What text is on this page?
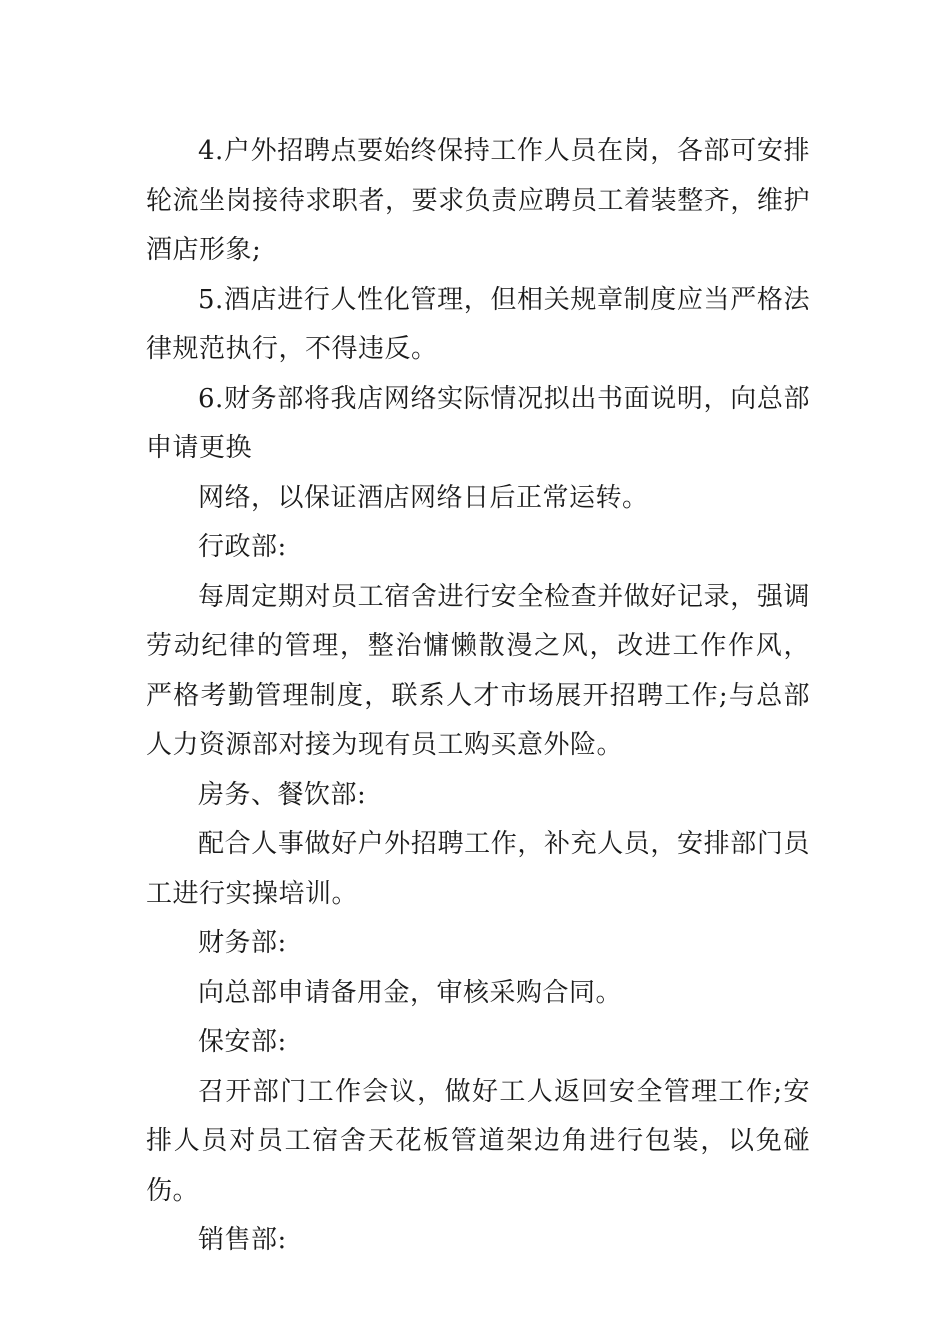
4.户外招聘点要始终保持工作人员在岗，各部可安排轮流坐岗接待求职者，要求负责应聘员工着装整齐，维护酒店形象;

5.酒店进行人性化管理，但相关规章制度应当严格法律规范执行，不得违反。

6.财务部将我店网络实际情况拟出书面说明，向总部申请更换

网络，以保证酒店网络日后正常运转。

行政部:

每周定期对员工宿舍进行安全检查并做好记录，强调劳动纪律的管理，整治慵懒散漫之风，改进工作作风， 严格考勤管理制度，联系人才市场展开招聘工作;与总部人力资源部对接为现有员工购买意外险。

房务、餐饮部:

配合人事做好户外招聘工作，补充人员，安排部门员工进行实操培训。

财务部:

向总部申请备用金，审核采购合同。

保安部:

召开部门工作会议，做好工人返回安全管理工作;安排人员对员工宿舍天花板管道架边角进行包装，以免碰伤。

销售部:
